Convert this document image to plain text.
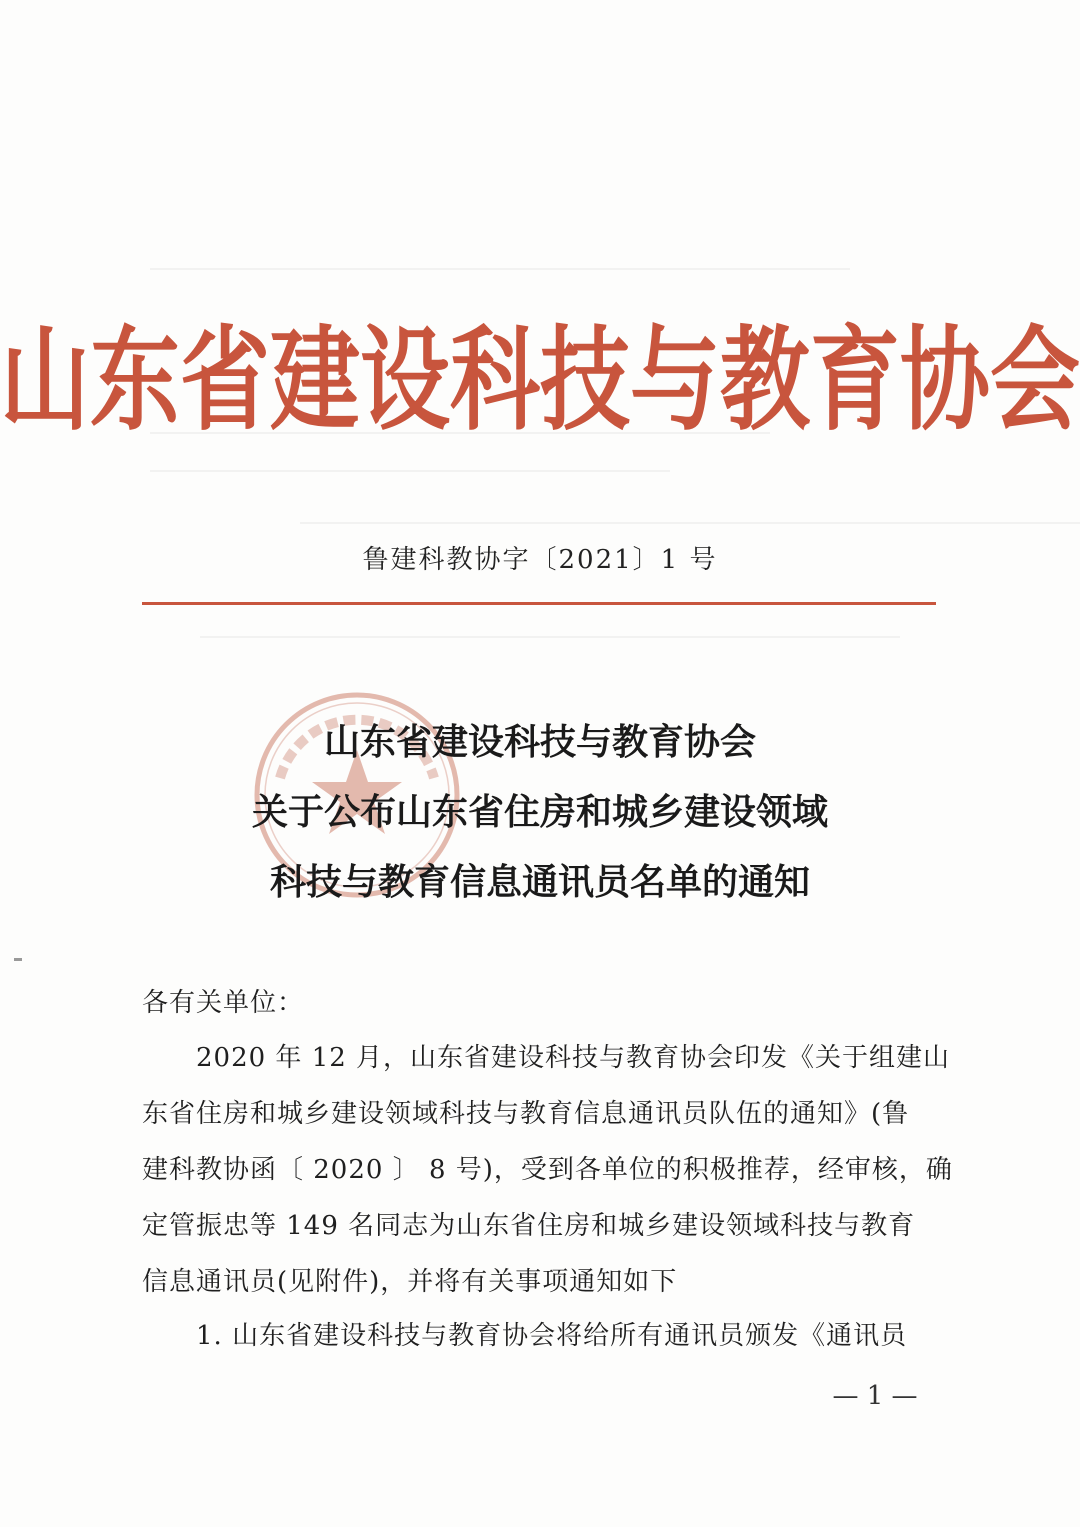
山东省建设科技与教育协会
鲁建科教协字〔2021〕1 号
山东省建设科技与教育协会
关于公布山东省住房和城乡建设领域
科技与教育信息通讯员名单的通知
各有关单位：
　　2020 年 12 月，山东省建设科技与教育协会印发《关于组建山
东省住房和城乡建设领域科技与教育信息通讯员队伍的通知》(鲁
建科教协函〔 2020 〕 8 号)，受到各单位的积极推荐，经审核，确
定管振忠等 149 名同志为山东省住房和城乡建设领域科技与教育
信息通讯员(见附件)，并将有关事项通知如下
　　1. 山东省建设科技与教育协会将给所有通讯员颁发《通讯员
— 1 —
